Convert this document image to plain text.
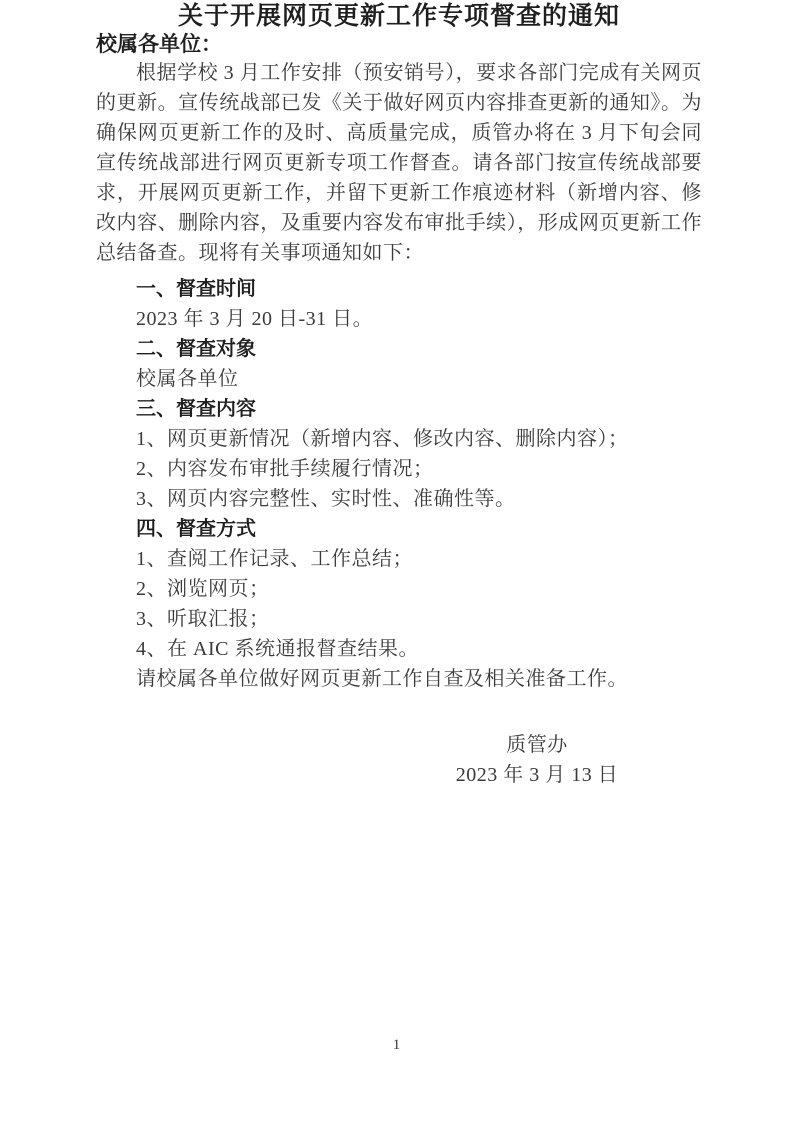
关于开展网页更新工作专项督查的通知

校属各单位：

根据学校 3 月工作安排（预安销号），要求各部门完成有关网页的更新。宣传统战部已发《关于做好网页内容排查更新的通知》。为确保网页更新工作的及时、高质量完成，质管办将在 3 月下旬会同宣传统战部进行网页更新专项工作督查。请各部门按宣传统战部要求，开展网页更新工作，并留下更新工作痕迹材料（新增内容、修改内容、删除内容，及重要内容发布审批手续），形成网页更新工作总结备查。现将有关事项通知如下：

一、督查时间

2023 年 3 月 20 日-31 日。

二、督查对象

校属各单位

三、督查内容

1、网页更新情况（新增内容、修改内容、删除内容）；

2、内容发布审批手续履行情况；

3、网页内容完整性、实时性、准确性等。

四、督查方式

1、查阅工作记录、工作总结；

2、浏览网页；

3、听取汇报；

4、在 AIC 系统通报督查结果。

请校属各单位做好网页更新工作自查及相关准备工作。

质管办

2023 年 3 月 13 日

1
